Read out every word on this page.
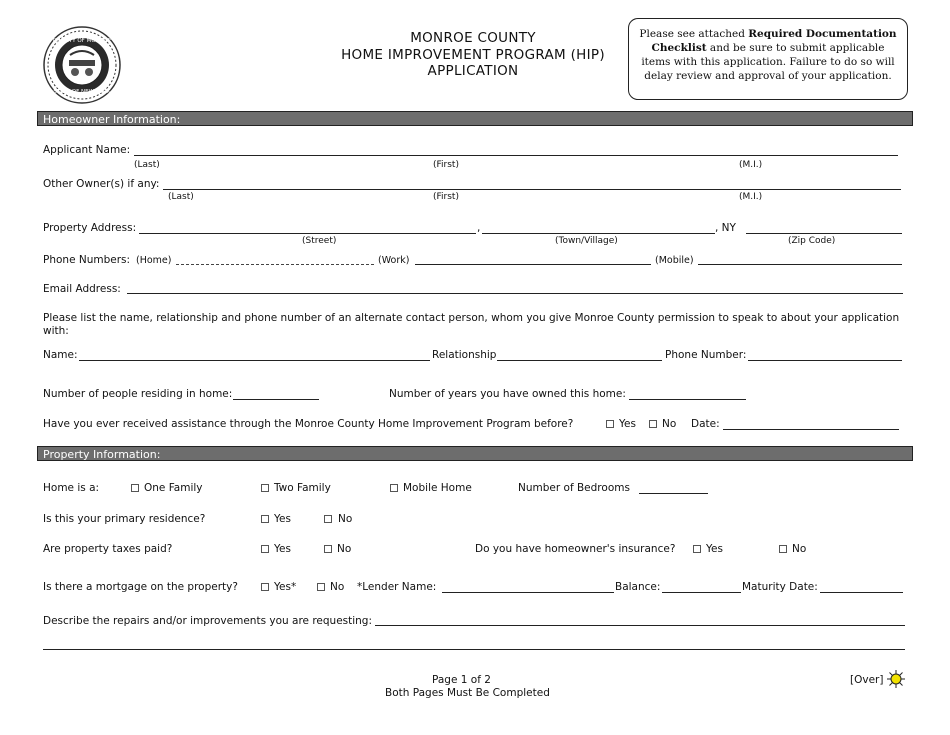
COUNTY OF MONROE
STATE OF NEW YORK
MONROE COUNTY
HOME IMPROVEMENT PROGRAM (HIP)
APPLICATION
Please see attached Required Documentation Checklist and be sure to submit applicable items with this application. Failure to do so will delay review and approval of your application.
Homeowner Information:
Applicant Name:
(Last)	(First)	(M.I.)
Other Owner(s) if any:
(Last)	(First)	(M.I.)
Property Address:	,	, NY
(Street)	(Town/Village)	(Zip Code)
Phone Numbers: (Home)	(Work)	(Mobile)
Email Address:
Please list the name, relationship and phone number of an alternate contact person, whom you give Monroe County permission to speak to about your application with:
Name:	Relationship	Phone Number:
Number of people residing in home:	Number of years you have owned this home:
Have you ever received assistance through the Monroe County Home Improvement Program before?	Yes No Date:
Property Information:
Home is a:	One Family	Two Family	Mobile Home	Number of Bedrooms
Is this your primary residence?	Yes	No
Are property taxes paid?	Yes	No	Do you have homeowner's insurance?	Yes	No
Is there a mortgage on the property?	Yes*	No *Lender Name:	Balance:	Maturity Date:
Describe the repairs and/or improvements you are requesting:
Page 1 of 2
Both Pages Must Be Completed
[Over]
